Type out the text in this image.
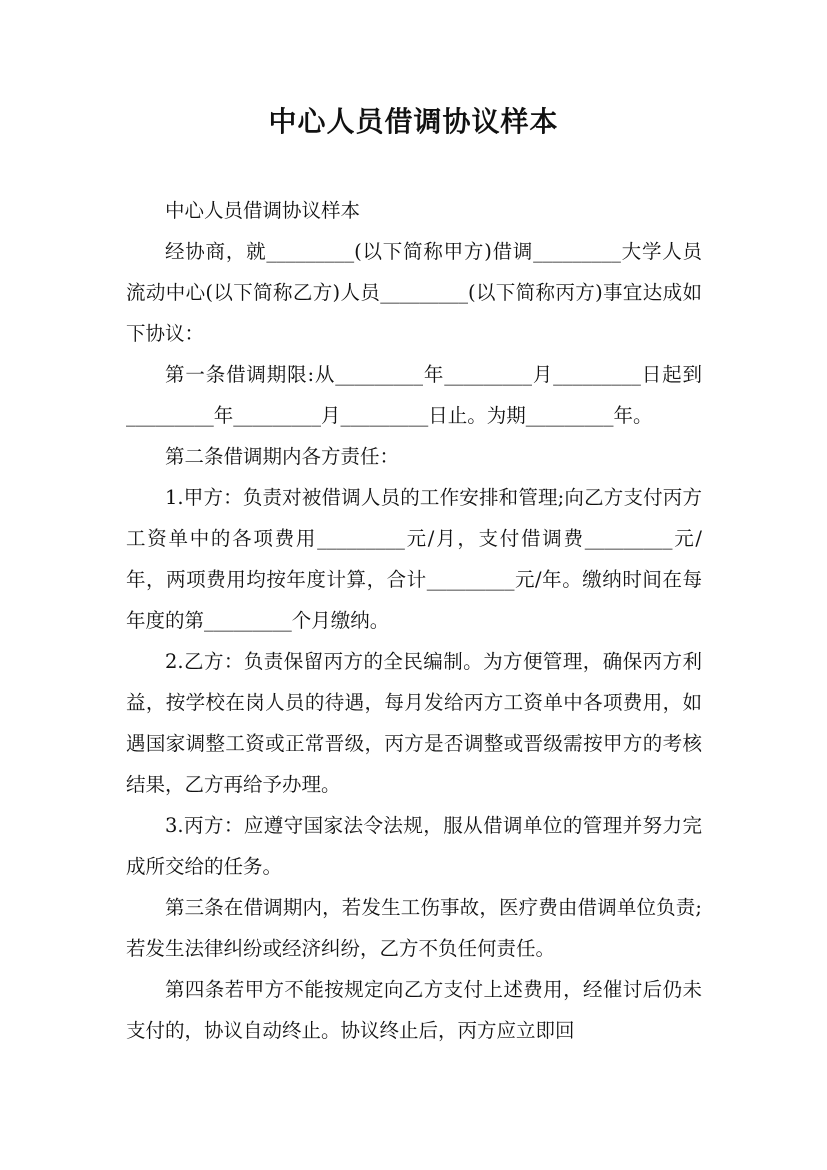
中心人员借调协议样本

中心人员借调协议样本

经协商，就_________(以下简称甲方)借调_________大学人员流动中心(以下简称乙方)人员_________(以下简称丙方)事宜达成如下协议：

第一条借调期限:从_________年_________月_________日起到_________年_________月_________日止。为期_________年。

第二条借调期内各方责任：

1.甲方：负责对被借调人员的工作安排和管理;向乙方支付丙方工资单中的各项费用_________元/月，支付借调费_________元/年，两项费用均按年度计算，合计_________元/年。缴纳时间在每年度的第_________个月缴纳。

2.乙方：负责保留丙方的全民编制。为方便管理，确保丙方利益，按学校在岗人员的待遇，每月发给丙方工资单中各项费用，如遇国家调整工资或正常晋级，丙方是否调整或晋级需按甲方的考核结果，乙方再给予办理。

3.丙方：应遵守国家法令法规，服从借调单位的管理并努力完成所交给的任务。

第三条在借调期内，若发生工伤事故，医疗费由借调单位负责;若发生法律纠纷或经济纠纷，乙方不负任何责任。

第四条若甲方不能按规定向乙方支付上述费用，经催讨后仍未支付的，协议自动终止。协议终止后，丙方应立即回
